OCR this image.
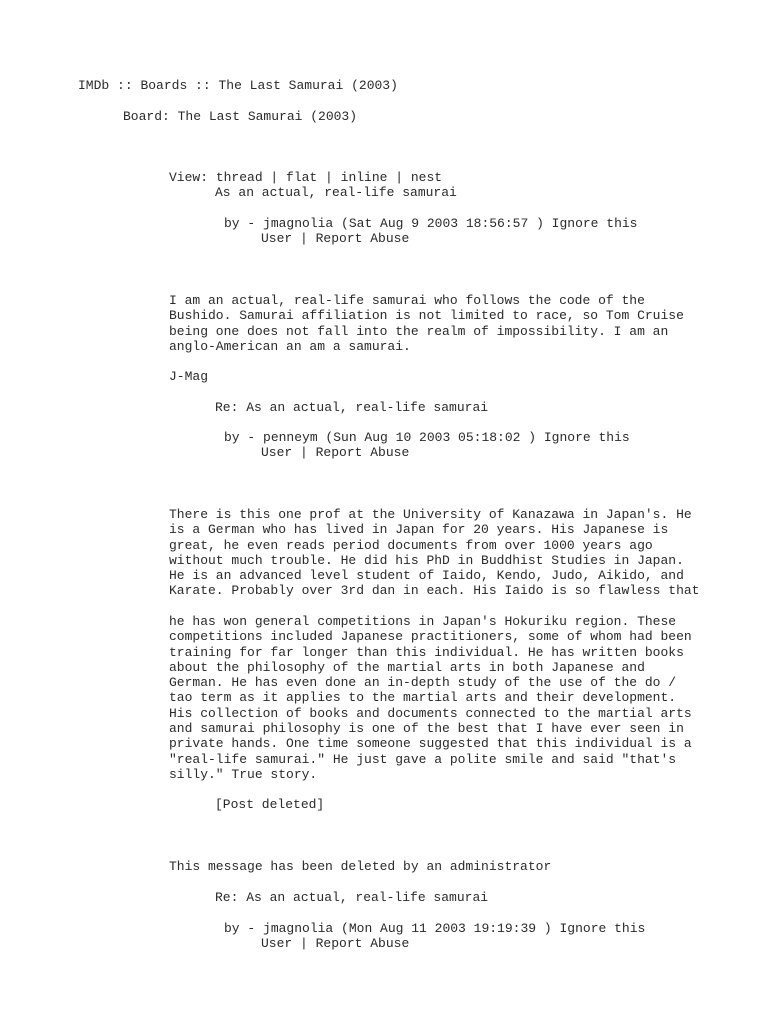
IMDb :: Boards :: The Last Samurai (2003)
Board: The Last Samurai (2003)
View: thread | flat | inline | nest
As an actual, real-life samurai
by - jmagnolia (Sat Aug 9 2003 18:56:57 ) Ignore this
User | Report Abuse
I am an actual, real-life samurai who follows the code of the
Bushido. Samurai affiliation is not limited to race, so Tom Cruise
being one does not fall into the realm of impossibility. I am an
anglo-American an am a samurai.
J-Mag
Re: As an actual, real-life samurai
by - penneym (Sun Aug 10 2003 05:18:02 ) Ignore this
User | Report Abuse
There is this one prof at the University of Kanazawa in Japan's. He
is a German who has lived in Japan for 20 years. His Japanese is
great, he even reads period documents from over 1000 years ago
without much trouble. He did his PhD in Buddhist Studies in Japan.
He is an advanced level student of Iaido, Kendo, Judo, Aikido, and
Karate. Probably over 3rd dan in each. His Iaido is so flawless that
he has won general competitions in Japan's Hokuriku region. These
competitions included Japanese practitioners, some of whom had been
training for far longer than this individual. He has written books
about the philosophy of the martial arts in both Japanese and
German. He has even done an in-depth study of the use of the do /
tao term as it applies to the martial arts and their development.
His collection of books and documents connected to the martial arts
and samurai philosophy is one of the best that I have ever seen in
private hands. One time someone suggested that this individual is a
"real-life samurai." He just gave a polite smile and said "that's
silly." True story.
[Post deleted]
This message has been deleted by an administrator
Re: As an actual, real-life samurai
by - jmagnolia (Mon Aug 11 2003 19:19:39 ) Ignore this
User | Report Abuse
